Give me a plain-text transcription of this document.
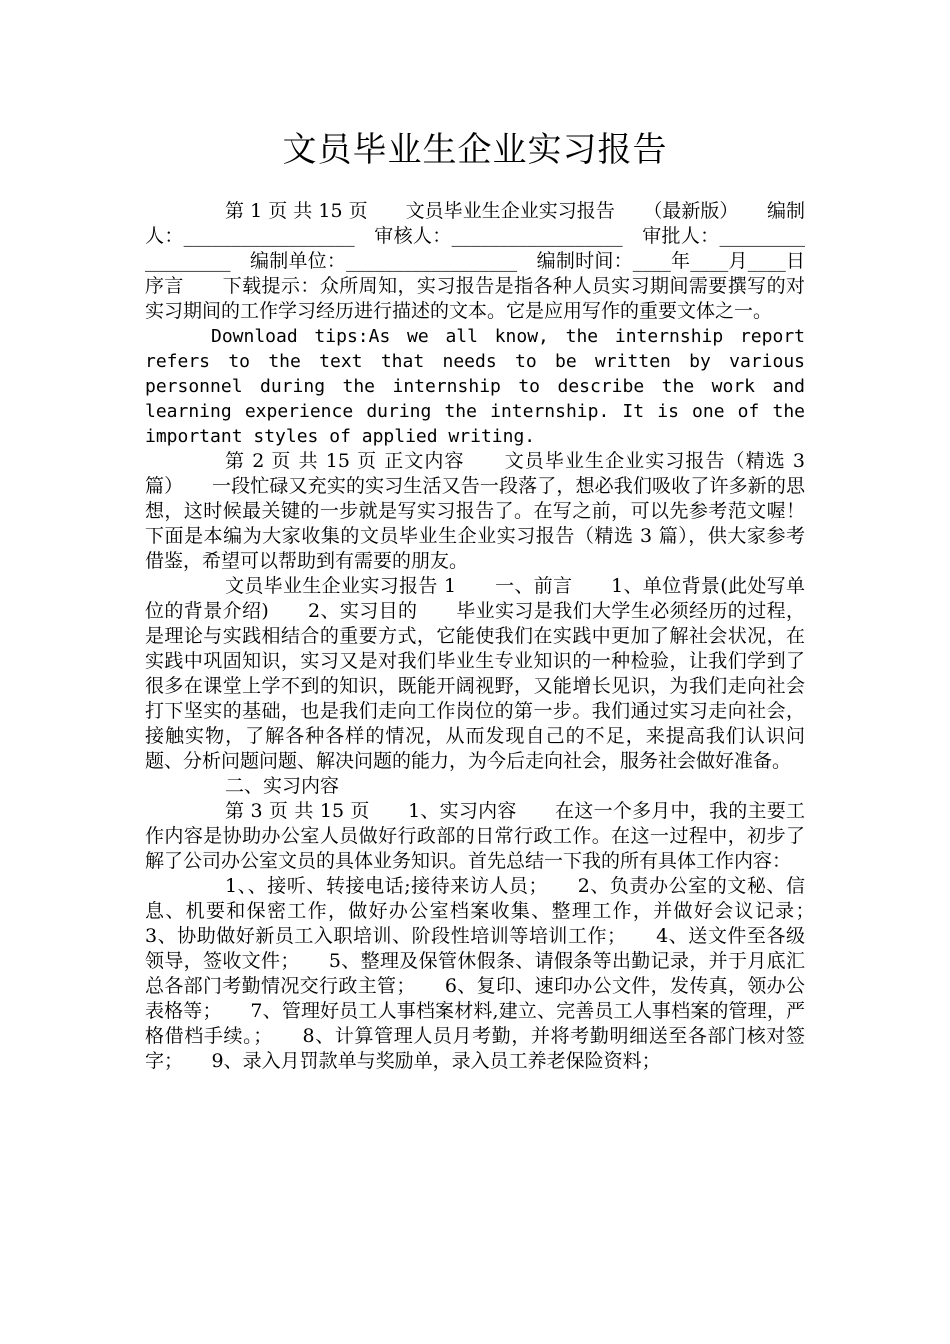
文员毕业生企业实习报告

第 1 页 共 15 页　　文员毕业生企业实习报告　　（最新版）　　编制人：__________________　审核人：__________________　审批人：__________________　编制单位：__________________　编制时间：____年____月____日　　序言　　下载提示：众所周知，实习报告是指各种人员实习期间需要撰写的对实习期间的工作学习经历进行描述的文本。它是应用写作的重要文体之一。

Download tips:As we all know, the internship report refers to the text that needs to be written by various personnel during the internship to describe the work and learning experience during the internship. It is one of the important styles of applied writing.

第 2 页 共 15 页 正文内容　　文员毕业生企业实习报告（精选 3 篇）　　一段忙碌又充实的实习生活又告一段落了，想必我们吸收了许多新的思想，这时候最关键的一步就是写实习报告了。在写之前，可以先参考范文喔！下面是本编为大家收集的文员毕业生企业实习报告（精选 3 篇），供大家参考借鉴，希望可以帮助到有需要的朋友。

文员毕业生企业实习报告 1　　一、前言　　1、单位背景(此处写单位的背景介绍)　　2、实习目的　　毕业实习是我们大学生必须经历的过程，是理论与实践相结合的重要方式，它能使我们在实践中更加了解社会状况，在实践中巩固知识，实习又是对我们毕业生专业知识的一种检验，让我们学到了很多在课堂上学不到的知识，既能开阔视野，又能增长见识，为我们走向社会打下坚实的基础，也是我们走向工作岗位的第一步。我们通过实习走向社会，接触实物，了解各种各样的情况，从而发现自己的不足，来提高我们认识问题、分析问题问题、解决问题的能力，为今后走向社会，服务社会做好准备。

二、实习内容

第 3 页 共 15 页　　1、实习内容　　在这一个多月中，我的主要工作内容是协助办公室人员做好行政部的日常行政工作。在这一过程中，初步了解了公司办公室文员的具体业务知识。首先总结一下我的所有具体工作内容：

1、、接听、转接电话;接待来访人员；　　2、负责办公室的文秘、信息、机要和保密工作，做好办公室档案收集、整理工作，并做好会议记录；　　3、协助做好新员工入职培训、阶段性培训等培训工作；　　4、送文件至各级领导，签收文件；　　5、整理及保管休假条、请假条等出勤记录，并于月底汇总各部门考勤情况交行政主管；　　6、复印、速印办公文件，发传真，领办公表格等；　　7、管理好员工人事档案材料,建立、完善员工人事档案的管理，严格借档手续。；　　8、计算管理人员月考勤，并将考勤明细送至各部门核对签字；　　9、录入月罚款单与奖励单，录入员工养老保险资料；
